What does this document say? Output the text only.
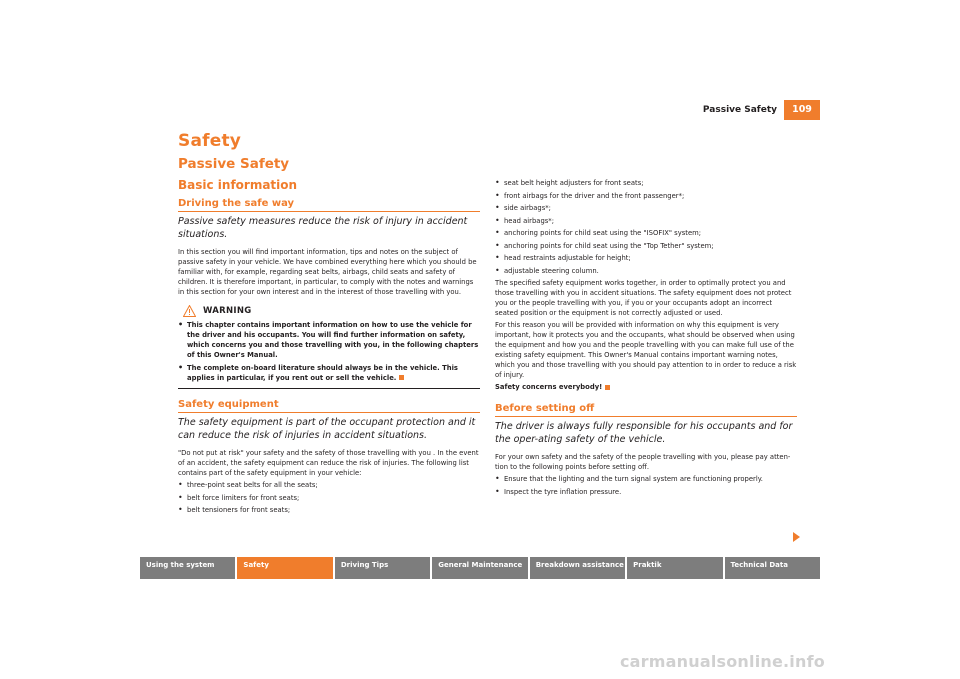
Passive Safety	109
Safety
Passive Safety
Basic information
Driving the safe way
Passive safety measures reduce the risk of injury in accident situations.
In this section you will find important information, tips and notes on the subject of passive safety in your vehicle. We have combined everything here which you should be familiar with, for example, regarding seat belts, airbags, child seats and safety of children. It is therefore important, in particular, to comply with the notes and warnings in this section for your own interest and in the interest of those travelling with you.
WARNING
• This chapter contains important information on how to use the vehicle for the driver and his occupants. You will find further information on safety, which concerns you and those travelling with you, in the following chapters of this Owner's Manual.
• The complete on-board literature should always be in the vehicle. This applies in particular, if you rent out or sell the vehicle.
Safety equipment
The safety equipment is part of the occupant protection and it can reduce the risk of injuries in accident situations.
"Do not put at risk" your safety and the safety of those travelling with you . In the event of an accident, the safety equipment can reduce the risk of injuries. The following list contains part of the safety equipment in your vehicle:
• three-point seat belts for all the seats;
• belt force limiters for front seats;
• belt tensioners for front seats;
• seat belt height adjusters for front seats;
• front airbags for the driver and the front passenger*;
• side airbags*;
• head airbags*;
• anchoring points for child seat using the "ISOFIX" system;
• anchoring points for child seat using the "Top Tether" system;
• head restraints adjustable for height;
• adjustable steering column.
The specified safety equipment works together, in order to optimally protect you and those travelling with you in accident situations. The safety equipment does not protect you or the people travelling with you, if you or your occupants adopt an incorrect seated position or the equipment is not correctly adjusted or used.
For this reason you will be provided with information on why this equipment is very important, how it protects you and the occupants, what should be observed when using the equipment and how you and the people travelling with you can make full use of the existing safety equipment. This Owner's Manual contains important warning notes, which you and those travelling with you should pay attention to in order to reduce a risk of injury.
Safety concerns everybody!
Before setting off
The driver is always fully responsible for his occupants and for the oper-ating safety of the vehicle.
For your own safety and the safety of the people travelling with you, please pay atten-tion to the following points before setting off.
• Ensure that the lighting and the turn signal system are functioning properly.
• Inspect the tyre inflation pressure.
Using the system	Safety	Driving Tips	General Maintenance	Breakdown assistance	Praktik	Technical Data
carmanualsonline.info
